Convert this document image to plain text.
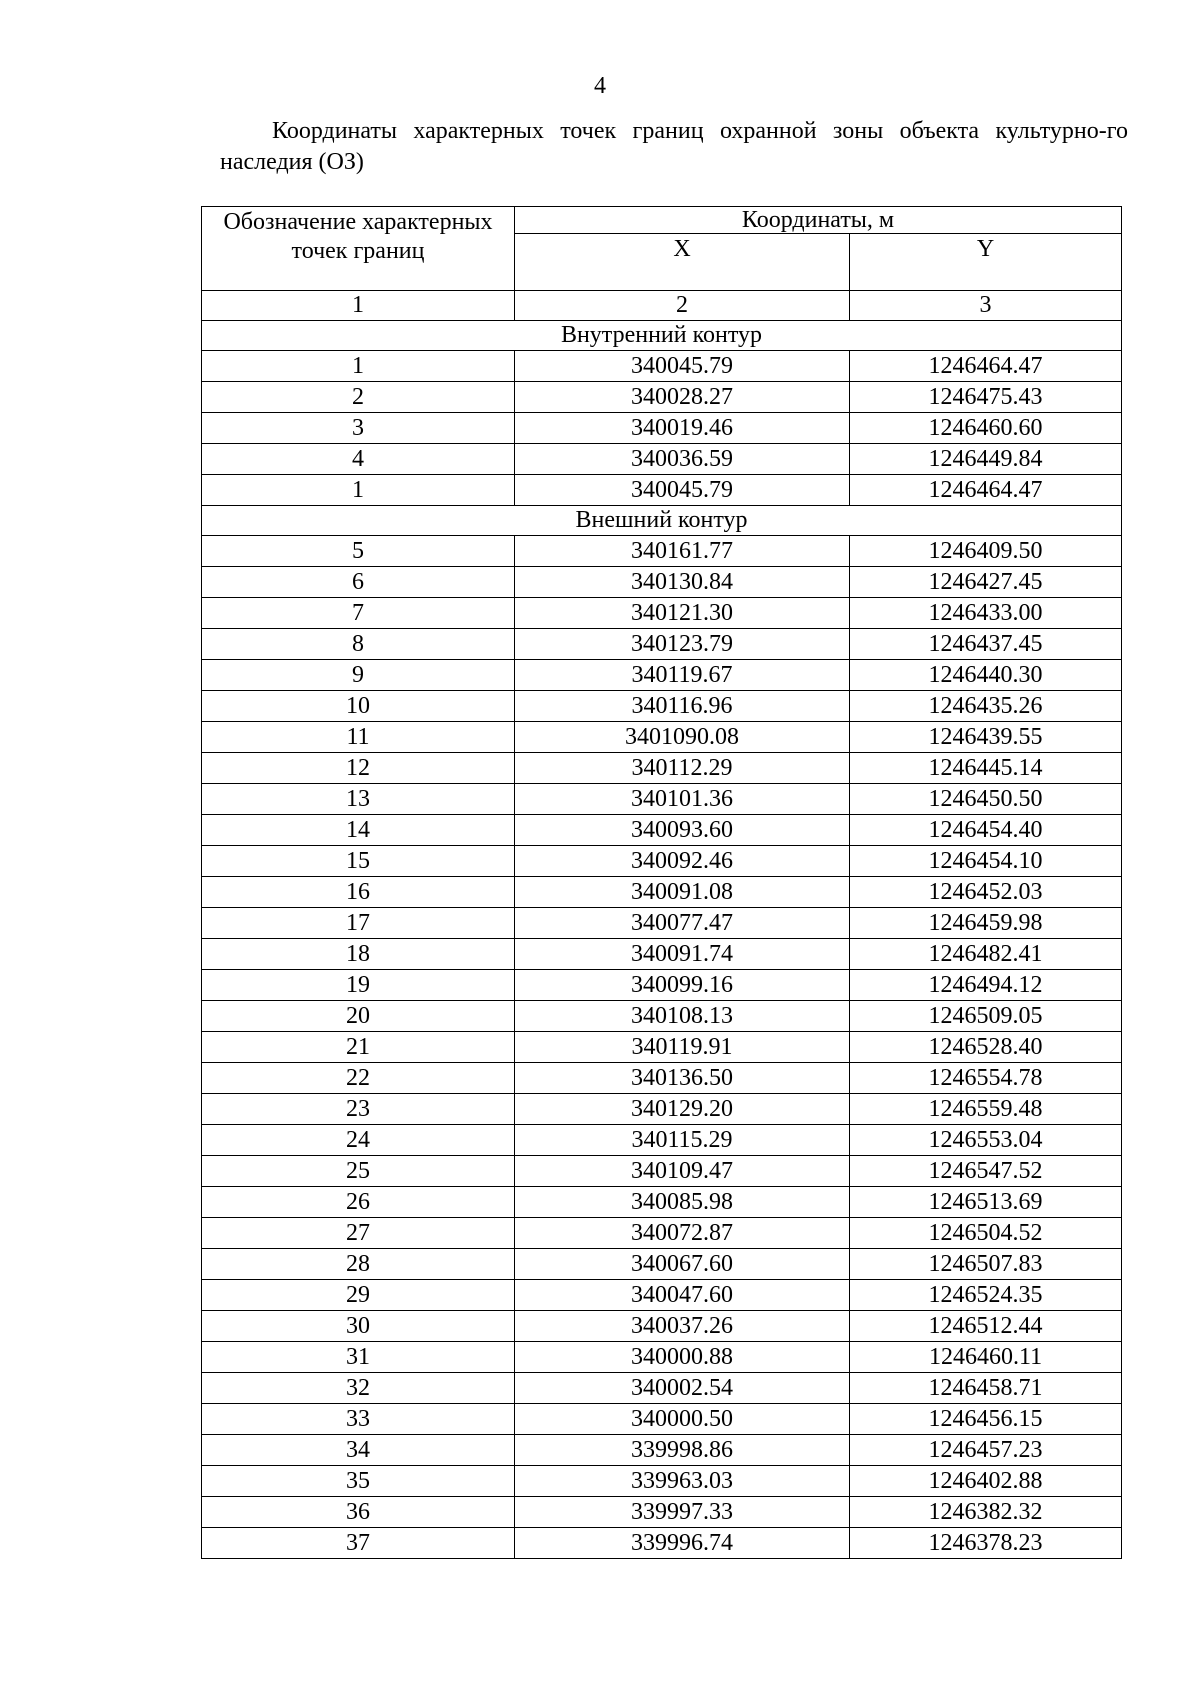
4

Координаты характерных точек границ охранной зоны объекта культурно-го наследия (ОЗ)

Обозначение характерных точек границ	Координаты, м	
	X	Y
1	2	3
Внутренний контур		
1	340045.79	1246464.47
2	340028.27	1246475.43
3	340019.46	1246460.60
4	340036.59	1246449.84
1	340045.79	1246464.47
Внешний контур		
5	340161.77	1246409.50
6	340130.84	1246427.45
7	340121.30	1246433.00
8	340123.79	1246437.45
9	340119.67	1246440.30
10	340116.96	1246435.26
11	3401090.08	1246439.55
12	340112.29	1246445.14
13	340101.36	1246450.50
14	340093.60	1246454.40
15	340092.46	1246454.10
16	340091.08	1246452.03
17	340077.47	1246459.98
18	340091.74	1246482.41
19	340099.16	1246494.12
20	340108.13	1246509.05
21	340119.91	1246528.40
22	340136.50	1246554.78
23	340129.20	1246559.48
24	340115.29	1246553.04
25	340109.47	1246547.52
26	340085.98	1246513.69
27	340072.87	1246504.52
28	340067.60	1246507.83
29	340047.60	1246524.35
30	340037.26	1246512.44
31	340000.88	1246460.11
32	340002.54	1246458.71
33	340000.50	1246456.15
34	339998.86	1246457.23
35	339963.03	1246402.88
36	339997.33	1246382.32
37	339996.74	1246378.23
